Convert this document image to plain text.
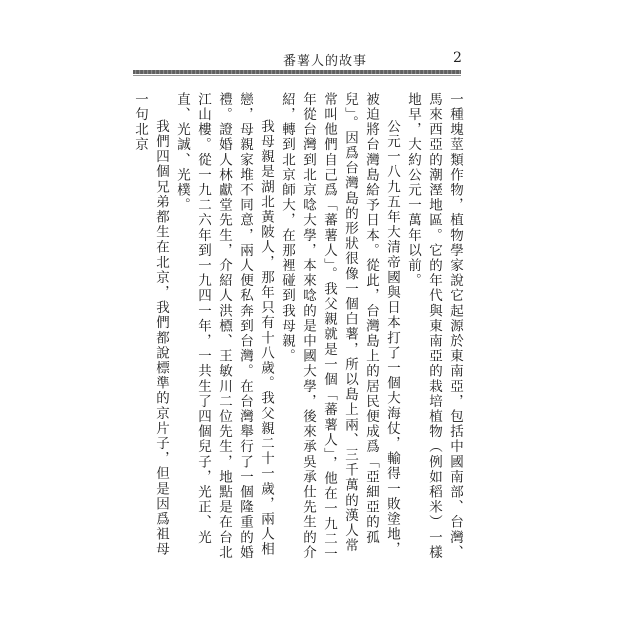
番薯人的故事	2

一種塊莖類作物，植物學家說它起源於東南亞，包括中國南部、台灣、馬來西亞的潮溼地區。它的年代與東南亞的栽培植物（例如稻米）一樣地早，大約公元一萬年以前。

公元一八九五年大清帝國與日本打了一個大海仗，輸得一敗塗地，被迫將台灣島給予日本。從此，台灣島上的居民便成爲「亞細亞的孤兒」。因爲台灣島的形狀很像一個白薯，所以島上兩、三千萬的漢人常常叫他們自己爲「蕃薯人」。我父親就是一個「蕃薯人」，他在一九二一年從台灣到北京唸大學，本來唸的是中國大學，後來承吳承仕先生的介紹，轉到北京師大，在那裡碰到我母親。

我母親是湖北黃陂人，那年只有十八歲。我父親二十一歲，兩人相戀，母親家堆不同意，兩人便私奔到台灣。在台灣舉行了一個隆重的婚禮。證婚人林獻堂先生，介紹人洪槱、王敏川二位先生，地點是在台北江山樓。從一九二六年到一九四一年，一共生了四個兒子，光正、光直、光誠、光樸。

我們四個兄弟都生在北京，我們都說標準的京片子，但是因爲祖母一句北京
